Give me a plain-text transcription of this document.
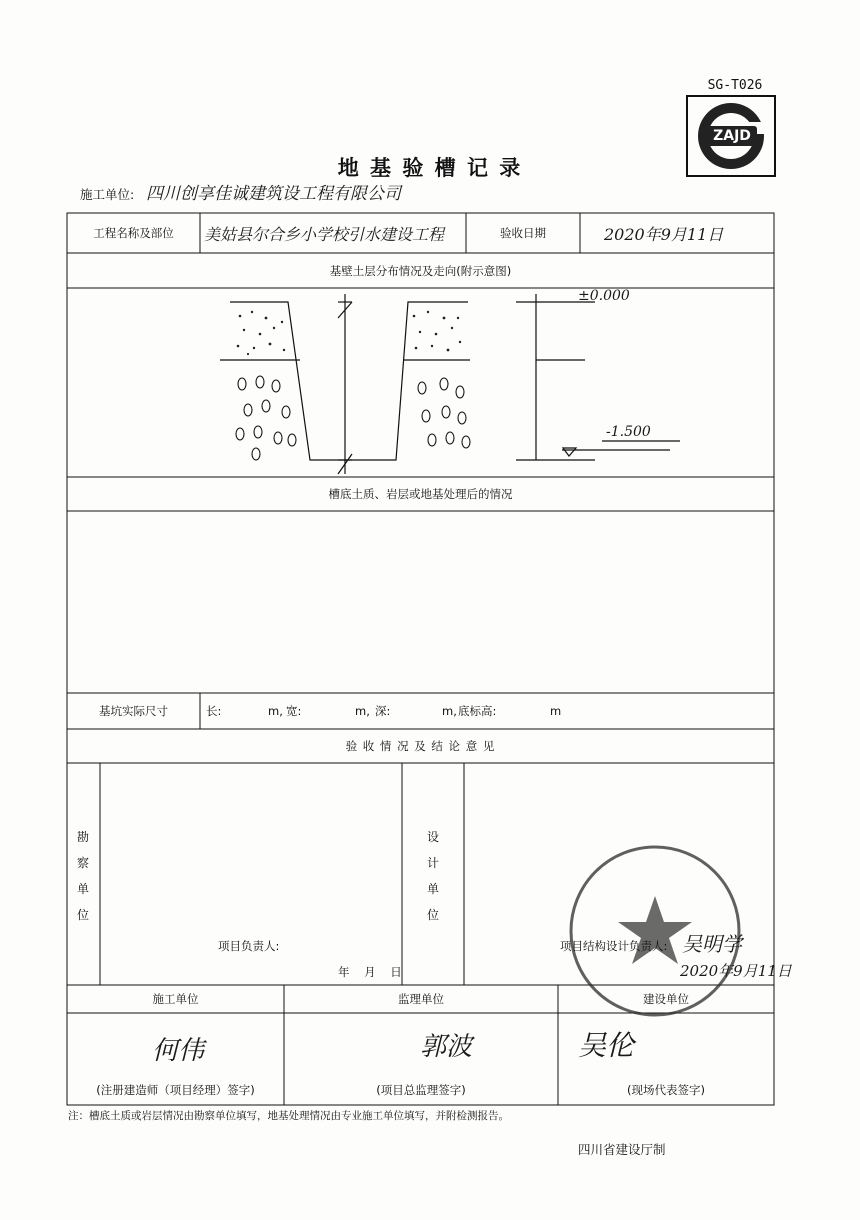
SG-T026
ZAJD
地 基 验 槽 记 录
施工单位: 四川创享佳诚建筑设工程有限公司
工程名称及部位	美姑县尔合乡小学校引水建设工程	验收日期	2020年9月11日
基壁土层分布情况及走向(附示意图)
±0.000
-1.500
槽底土质、岩层或地基处理后的情况
基坑实际尺寸	长:	m, 宽:	m, 深:	m, 底标高:	m
验 收 情 况 及 结 论 意 见
勘
察
单
位
项目负责人:
年    月    日
设
计
单
位
项目结构设计负责人: 吴明学
2020年9月11日
施工单位	监理单位	建设单位
何伟	郭波	吴伦
(注册建造师（项目经理）签字)	(项目总监理签字)	(现场代表签字)
注：槽底土质或岩层情况由勘察单位填写，地基处理情况由专业施工单位填写，并附检测报告。
四川省建设厅制
